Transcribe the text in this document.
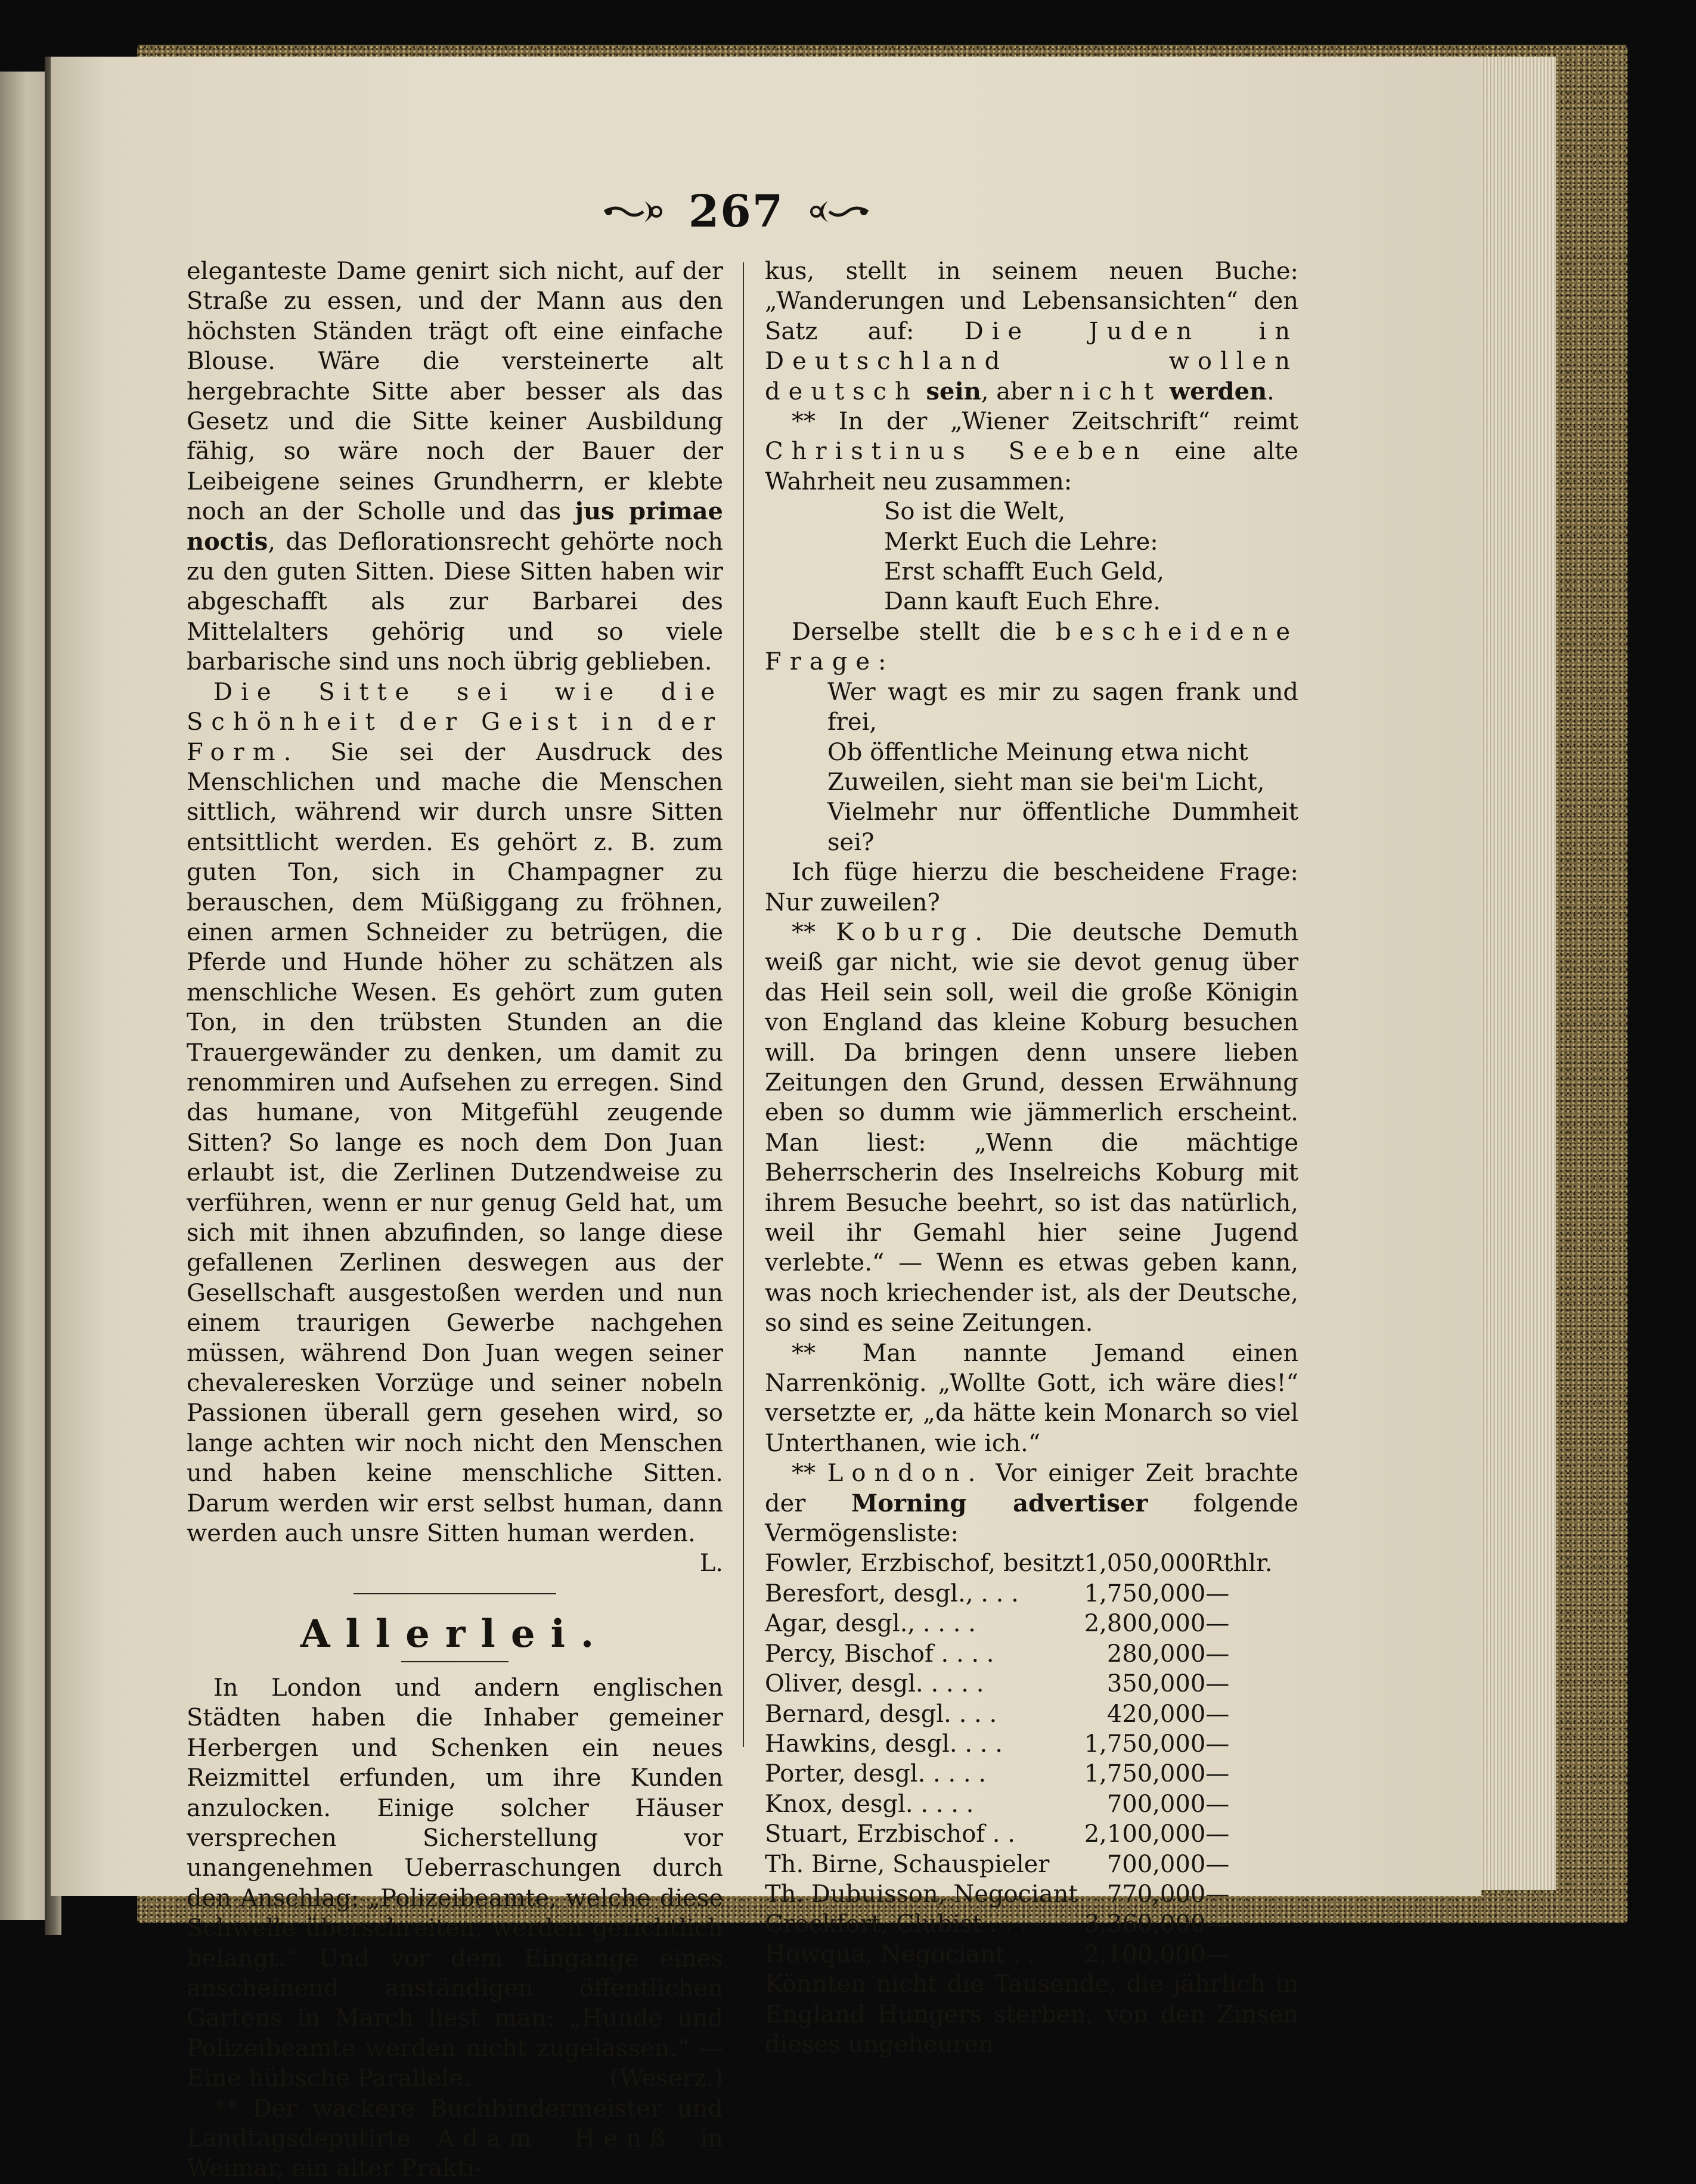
267

eleganteste Dame genirt sich nicht, auf der Straße zu essen, und der Mann aus den höchsten Ständen trägt oft eine einfache Blouse. Wäre die versteinerte alt hergebrachte Sitte aber besser als das Gesetz und die Sitte keiner Ausbildung fähig, so wäre noch der Bauer der Leibeigene seines Grundherrn, er klebte noch an der Scholle und das jus primae noctis, das Deflorationsrecht gehörte noch zu den guten Sitten. Diese Sitten haben wir abgeschafft als zur Barbarei des Mittelalters gehörig und so viele barbarische sind uns noch übrig geblieben.

Die Sitte sei wie die Schönheit der Geist in der Form. Sie sei der Ausdruck des Menschlichen und mache die Menschen sittlich, während wir durch unsre Sitten entsittlicht werden. Es gehört z. B. zum guten Ton, sich in Champagner zu berauschen, dem Müßiggang zu fröhnen, einen armen Schneider zu betrügen, die Pferde und Hunde höher zu schätzen als menschliche Wesen. Es gehört zum guten Ton, in den trübsten Stunden an die Trauergewänder zu denken, um damit zu renommiren und Aufsehen zu erregen. Sind das humane, von Mitgefühl zeugende Sitten? So lange es noch dem Don Juan erlaubt ist, die Zerlinen Dutzendweise zu verführen, wenn er nur genug Geld hat, um sich mit ihnen abzufinden, so lange diese gefallenen Zerlinen deswegen aus der Gesellschaft ausgestoßen werden und nun einem traurigen Gewerbe nachgehen müssen, während Don Juan wegen seiner chevaleresken Vorzüge und seiner nobeln Passionen überall gern gesehen wird, so lange achten wir noch nicht den Menschen und haben keine menschliche Sitten. Darum werden wir erst selbst human, dann werden auch unsre Sitten human werden.
L.

Allerlei.

In London und andern englischen Städten haben die Inhaber gemeiner Herbergen und Schenken ein neues Reizmittel erfunden, um ihre Kunden anzulocken. Einige solcher Häuser versprechen Sicherstellung vor unangenehmen Ueberraschungen durch den Anschlag: „Polizeibeamte, welche diese Schwelle überschreiten, werden gerichtlich belangt.“ Und vor dem Eingange eines anscheinend anständigen öffentlichen Gartens in March liest man: „Hunde und Polizeibeamte werden nicht zugelassen.“ — Eine hübsche Parallele.	(Weserz.)

** Der wackere Buchbindermeister und Landtagsdeputirte Adam Henß in Weimar, ein alter Prakti-

kus, stellt in seinem neuen Buche: „Wanderungen und Lebensansichten“ den Satz auf: Die Juden in Deutschland wollen deutsch sein, aber nicht werden.

** In der „Wiener Zeitschrift“ reimt Christinus Seeben eine alte Wahrheit neu zusammen:

So ist die Welt,
Merkt Euch die Lehre:
Erst schafft Euch Geld,
Dann kauft Euch Ehre.

Derselbe stellt die bescheidene Frage:

Wer wagt es mir zu sagen frank und frei,
Ob öffentliche Meinung etwa nicht
Zuweilen, sieht man sie bei'm Licht,
Vielmehr nur öffentliche Dummheit sei?

Ich füge hierzu die bescheidene Frage: Nur zuweilen?

** Koburg. Die deutsche Demuth weiß gar nicht, wie sie devot genug über das Heil sein soll, weil die große Königin von England das kleine Koburg besuchen will. Da bringen denn unsere lieben Zeitungen den Grund, dessen Erwähnung eben so dumm wie jämmerlich erscheint. Man liest: „Wenn die mächtige Beherrscherin des Inselreichs Koburg mit ihrem Besuche beehrt, so ist das natürlich, weil ihr Gemahl hier seine Jugend verlebte.“ — Wenn es etwas geben kann, was noch kriechender ist, als der Deutsche, so sind es seine Zeitungen.

** Man nannte Jemand einen Narrenkönig. „Wollte Gott, ich wäre dies!“ versetzte er, „da hätte kein Monarch so viel Unterthanen, wie ich.“

** London. Vor einiger Zeit brachte der Morning advertiser folgende Vermögensliste:

Fowler, Erzbischof, besitzt	1,050,000	Rthlr.
Beresfort, desgl., . . .	1,750,000	—
Agar, desgl., . . . .	2,800,000	—
Percy, Bischof . . . .	280,000	—
Oliver, desgl. . . . .	350,000	—
Bernard, desgl. . . .	420,000	—
Hawkins, desgl. . . .	1,750,000	—
Porter, desgl. . . . .	1,750,000	—
Knox, desgl. . . . .	700,000	—
Stuart, Erzbischof . .	2,100,000	—
Th. Birne, Schauspieler	700,000	—
Th. Dubuisson, Negociant	770,000	—
Crockfort, Clubist . . .	3,360,000	—
Howqua, Negociant . .	2,100,000	—

Könnten nicht die Tausende, die jährlich in England Hungers sterben, von den Zinsen dieses ungeheuren
